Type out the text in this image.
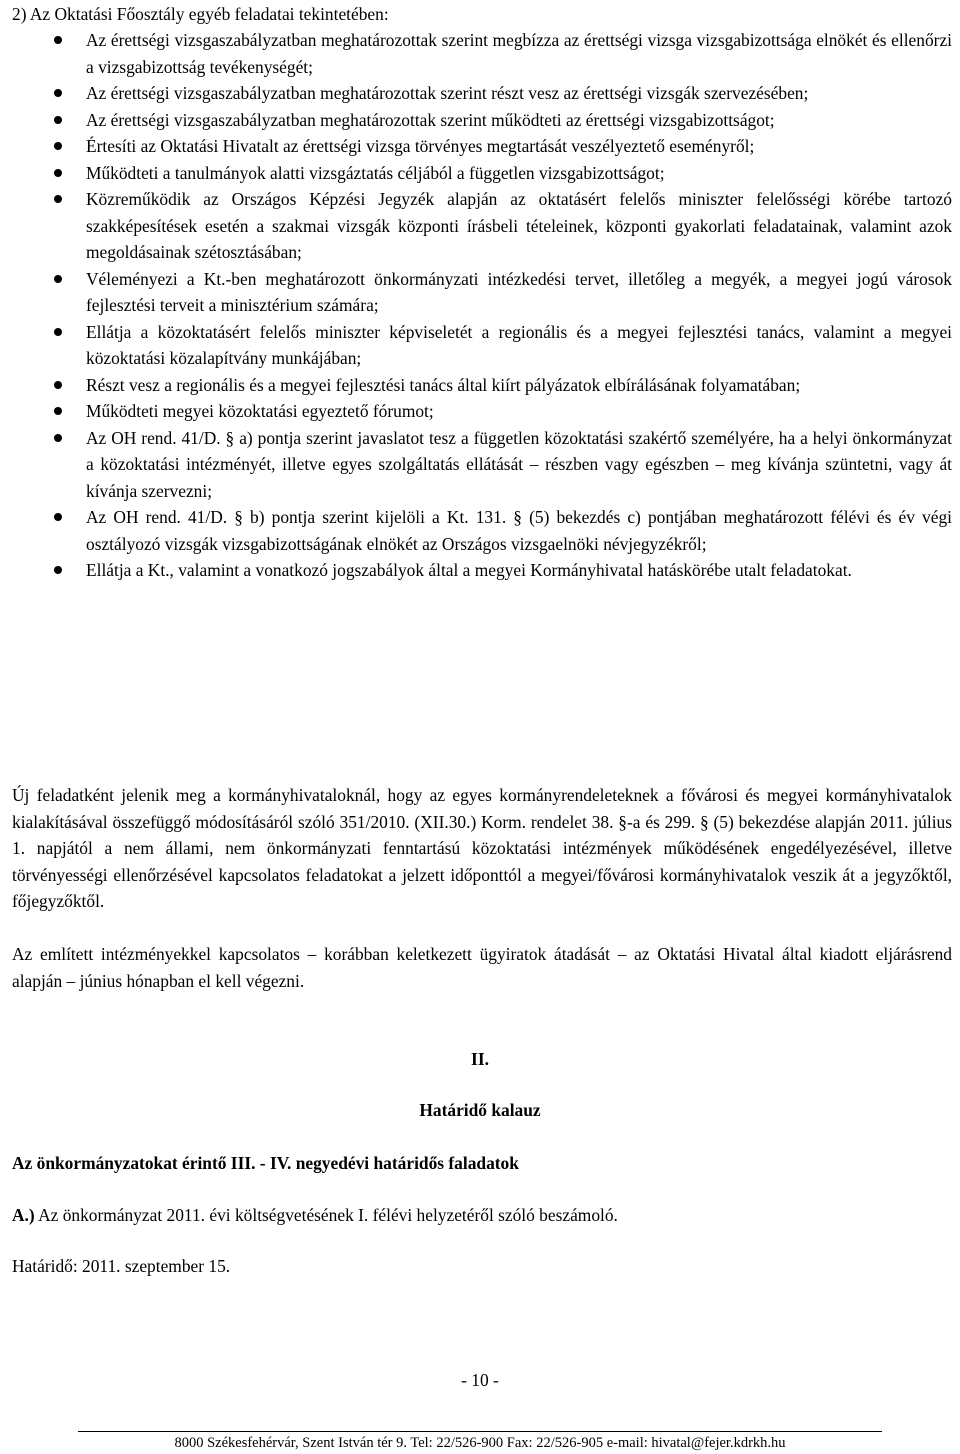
2) Az Oktatási Főosztály egyéb feladatai tekintetében:
Az érettségi vizsgaszabályzatban meghatározottak szerint megbízza az érettségi vizsga vizsgabizottsága elnökét és ellenőrzi a vizsgabizottság tevékenységét;
Az érettségi vizsgaszabályzatban meghatározottak szerint részt vesz az érettségi vizsgák szervezésében;
Az érettségi vizsgaszabályzatban meghatározottak szerint működteti az érettségi vizsgabizottságot;
Értesíti az Oktatási Hivatalt az érettségi vizsga törvényes megtartását veszélyeztető eseményről;
Működteti a tanulmányok alatti vizsgáztatás céljából a független vizsgabizottságot;
Közreműködik az Országos Képzési Jegyzék alapján az oktatásért felelős miniszter felelősségi körébe tartozó szakképesítések esetén a szakmai vizsgák központi írásbeli tételeinek, központi gyakorlati feladatainak, valamint azok megoldásainak szétosztásában;
Véleményezi a Kt.-ben meghatározott önkormányzati intézkedési tervet, illetőleg a megyék, a megyei jogú városok fejlesztési terveit a minisztérium számára;
Ellátja a közoktatásért felelős miniszter képviseletét a regionális és a megyei fejlesztési tanács, valamint a megyei közoktatási közalapítvány munkájában;
Részt vesz a regionális és a megyei fejlesztési tanács által kiírt pályázatok elbírálásának folyamatában;
Működteti megyei közoktatási egyeztető fórumot;
Az OH rend. 41/D. § a) pontja szerint javaslatot tesz a független közoktatási szakértő személyére, ha a helyi önkormányzat a közoktatási intézményét, illetve egyes szolgáltatás ellátását – részben vagy egészben – meg kívánja szüntetni, vagy át kívánja szervezni;
Az OH rend. 41/D. § b) pontja szerint kijelöli a Kt. 131. § (5) bekezdés c) pontjában meghatározott félévi és év végi osztályozó vizsgák vizsgabizottságának elnökét az Országos vizsgaelnöki névjegyzékről;
Ellátja a Kt., valamint a vonatkozó jogszabályok által a megyei Kormányhivatal hatáskörébe utalt feladatokat.
Új feladatként jelenik meg a kormányhivataloknál, hogy az egyes kormányrendeleteknek a fővárosi és megyei kormányhivatalok kialakításával összefüggő módosításáról szóló 351/2010. (XII.30.) Korm. rendelet 38. §-a és 299. § (5) bekezdése alapján 2011. július 1. napjától a nem állami, nem önkormányzati fenntartású közoktatási intézmények működésének engedélyezésével, illetve törvényességi ellenőrzésével kapcsolatos feladatokat a jelzett időponttól a megyei/fővárosi kormányhivatalok veszik át a jegyzőktől, főjegyzőktől.
Az említett intézményekkel kapcsolatos – korábban keletkezett ügyiratok átadását – az Oktatási Hivatal által kiadott eljárásrend alapján – június hónapban el kell végezni.
II.
Határidő kalauz
Az önkormányzatokat érintő III. - IV. negyedévi határidős faladatok
A.) Az önkormányzat 2011. évi költségvetésének I. félévi helyzetéről szóló beszámoló.
Határidő: 2011. szeptember 15.
- 10 -
8000 Székesfehérvár, Szent István tér 9. Tel: 22/526-900 Fax: 22/526-905 e-mail: hivatal@fejer.kdrkh.hu
